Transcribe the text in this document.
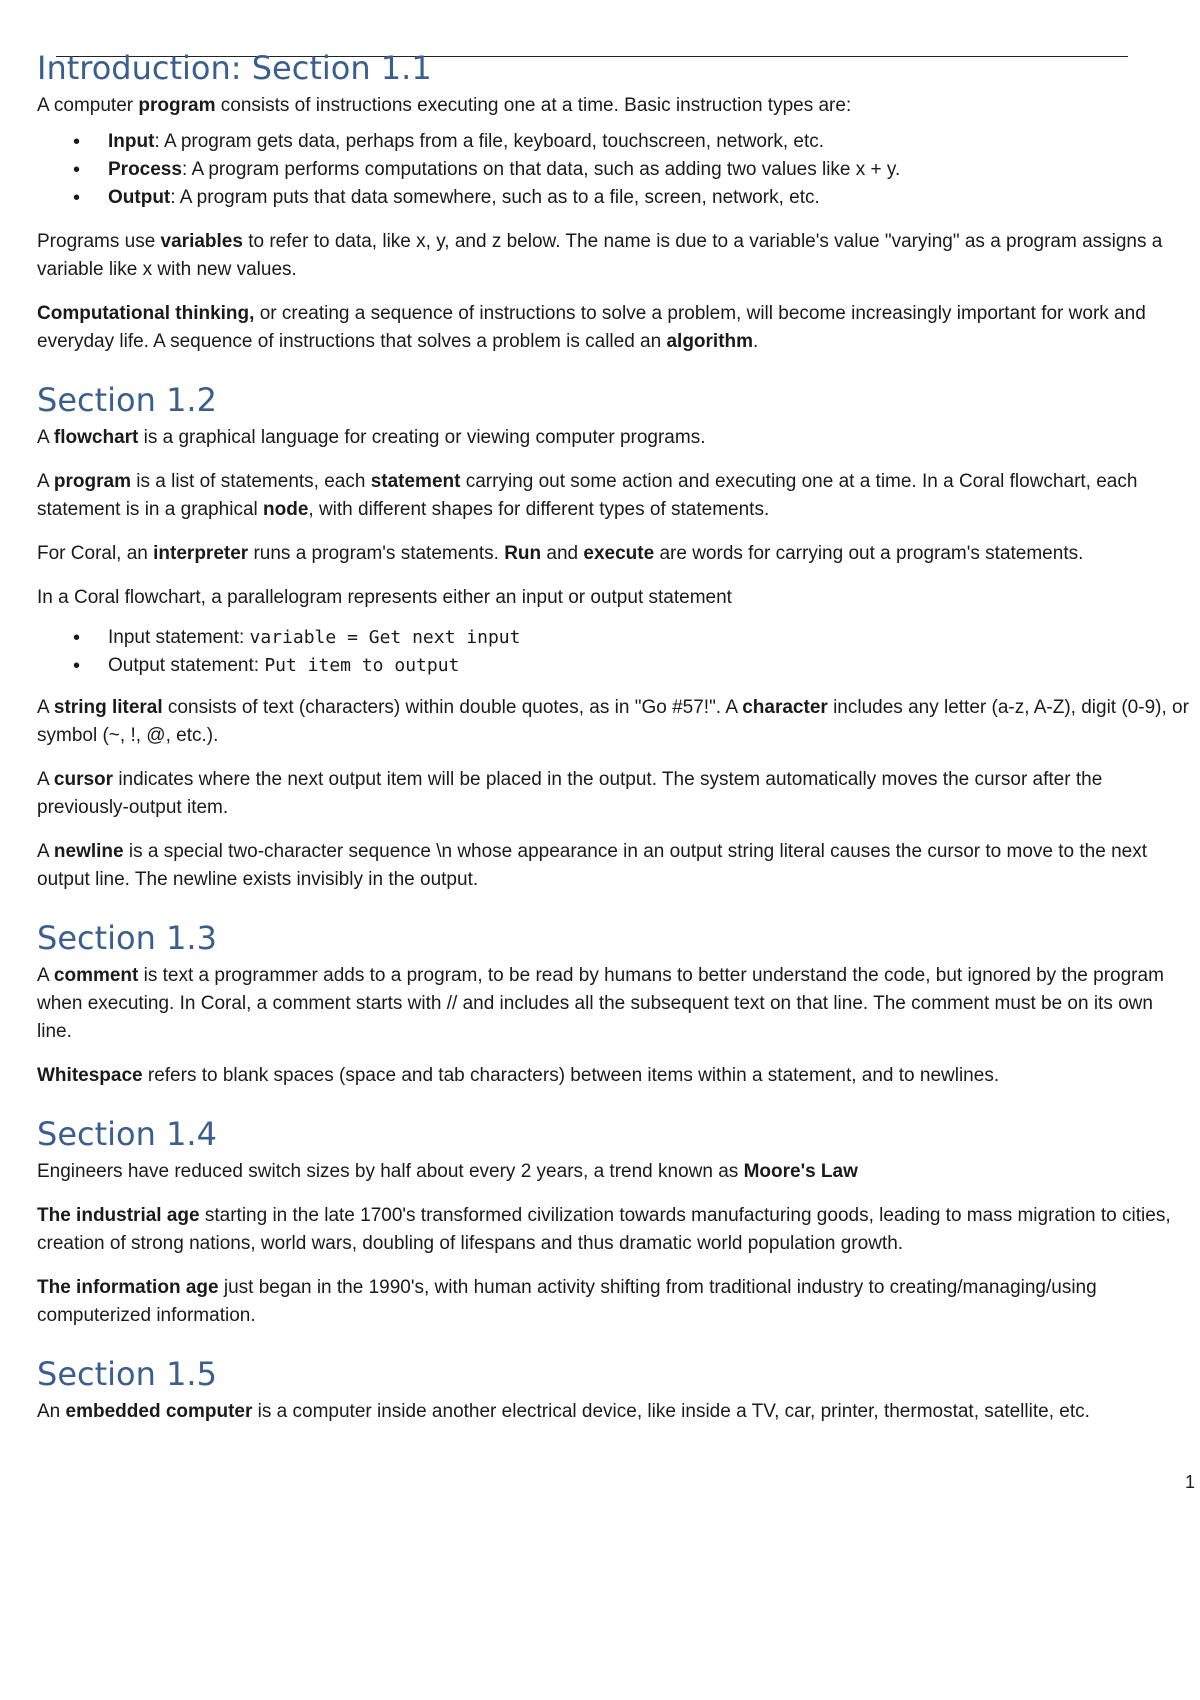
Introduction: Section 1.1

A computer program consists of instructions executing one at a time. Basic instruction types are:

• Input: A program gets data, perhaps from a file, keyboard, touchscreen, network, etc.
• Process: A program performs computations on that data, such as adding two values like x + y.
• Output: A program puts that data somewhere, such as to a file, screen, network, etc.

Programs use variables to refer to data, like x, y, and z below. The name is due to a variable's value "varying" as a program assigns a variable like x with new values.

Computational thinking, or creating a sequence of instructions to solve a problem, will become increasingly important for work and everyday life. A sequence of instructions that solves a problem is called an algorithm.

Section 1.2

A flowchart is a graphical language for creating or viewing computer programs.

A program is a list of statements, each statement carrying out some action and executing one at a time. In a Coral flowchart, each statement is in a graphical node, with different shapes for different types of statements.

For Coral, an interpreter runs a program's statements. Run and execute are words for carrying out a program's statements.

In a Coral flowchart, a parallelogram represents either an input or output statement

• Input statement: variable = Get next input
• Output statement: Put item to output

A string literal consists of text (characters) within double quotes, as in "Go #57!". A character includes any letter (a-z, A-Z), digit (0-9), or symbol (~, !, @, etc.).

A cursor indicates where the next output item will be placed in the output. The system automatically moves the cursor after the previously-output item.

A newline is a special two-character sequence \n whose appearance in an output string literal causes the cursor to move to the next output line. The newline exists invisibly in the output.

Section 1.3

A comment is text a programmer adds to a program, to be read by humans to better understand the code, but ignored by the program when executing. In Coral, a comment starts with // and includes all the subsequent text on that line. The comment must be on its own line.

Whitespace refers to blank spaces (space and tab characters) between items within a statement, and to newlines.

Section 1.4

Engineers have reduced switch sizes by half about every 2 years, a trend known as Moore's Law

The industrial age starting in the late 1700's transformed civilization towards manufacturing goods, leading to mass migration to cities, creation of strong nations, world wars, doubling of lifespans and thus dramatic world population growth.

The information age just began in the 1990's, with human activity shifting from traditional industry to creating/managing/using computerized information.

Section 1.5

An embedded computer is a computer inside another electrical device, like inside a TV, car, printer, thermostat, satellite, etc.

1
